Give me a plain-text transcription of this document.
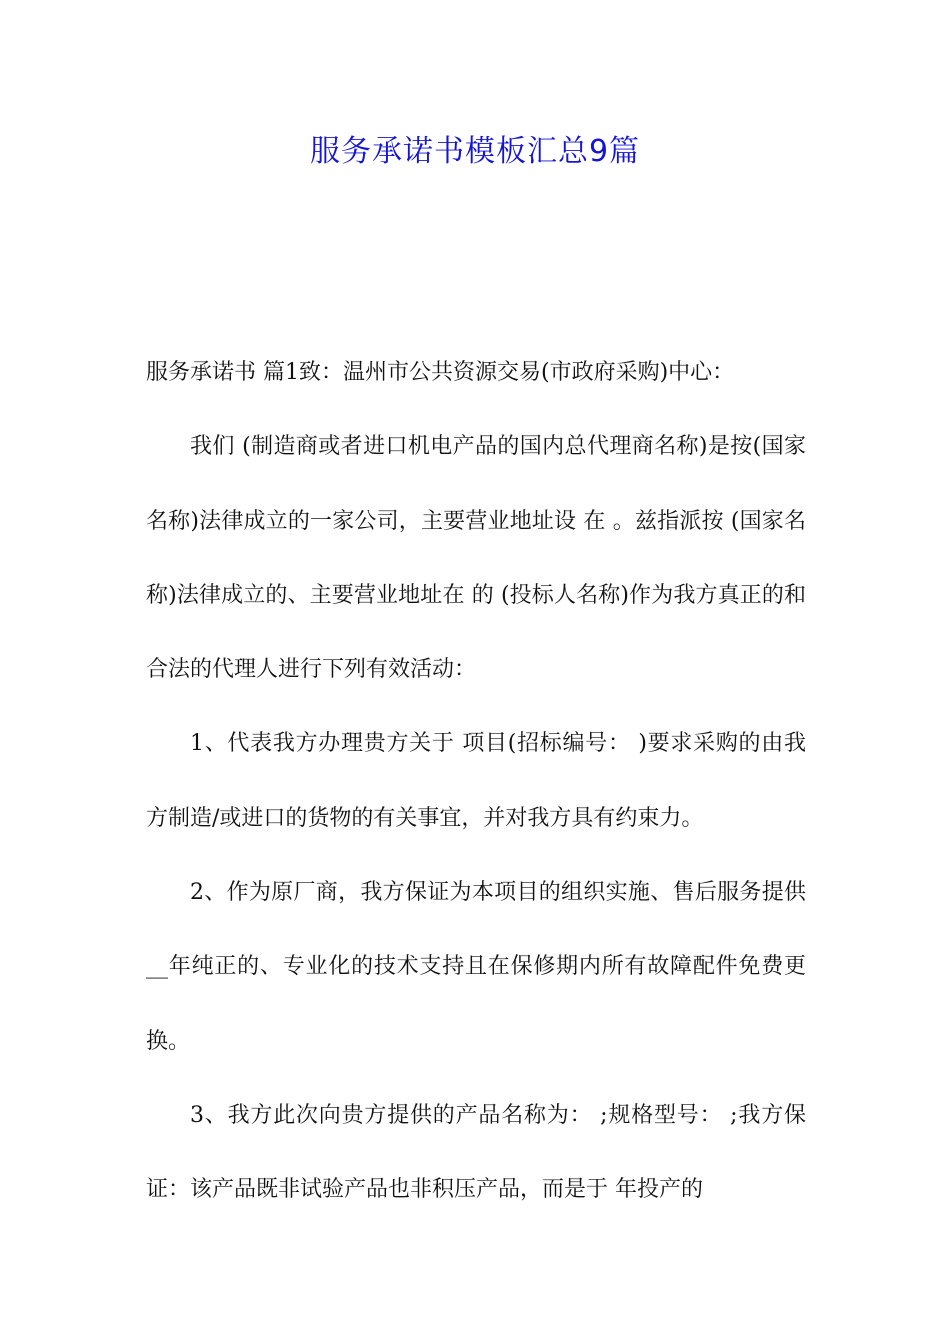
服务承诺书模板汇总9篇

服务承诺书 篇1致：温州市公共资源交易(市政府采购)中心：

我们 (制造商或者进口机电产品的国内总代理商名称)是按(国家名称)法律成立的一家公司，主要营业地址设 在 。兹指派按 (国家名称)法律成立的、主要营业地址在 的 (投标人名称)作为我方真正的和合法的代理人进行下列有效活动：

1、代表我方办理贵方关于 项目(招标编号： )要求采购的由我方制造/或进口的货物的有关事宜，并对我方具有约束力。

2、作为原厂商，我方保证为本项目的组织实施、售后服务提供__年纯正的、专业化的技术支持且在保修期内所有故障配件免费更换。

3、我方此次向贵方提供的产品名称为： ;规格型号： ;我方保证：该产品既非试验产品也非积压产品，而是于 年投产的
